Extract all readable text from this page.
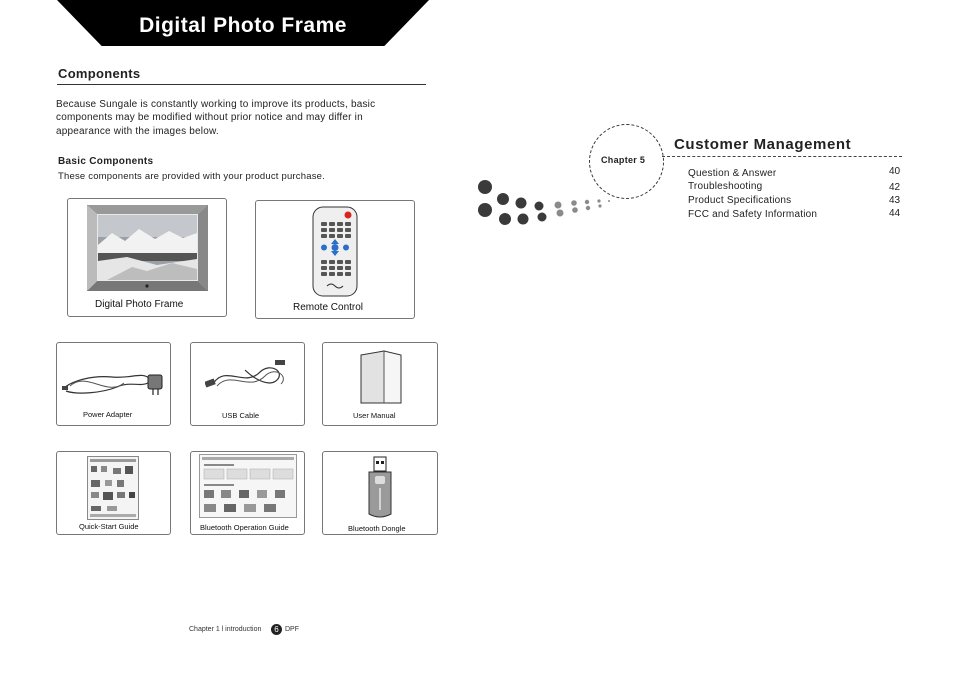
Digital Photo Frame
Components
Because Sungale is constantly working to improve its products, basic
components may be modified without prior notice and may differ in
appearance with the images below.
Basic Components
These components are provided with your product purchase.
Digital Photo Frame	Remote Control
Power Adapter	USB Cable	User Manual
Quick-Start Guide	Bluetooth Operation Guide	Bluetooth Dongle
Chapter 1 l introduction	6 DPF
Chapter 5
Customer Management
Question & Answer	40
Troubleshooting	42
Product Specifications	43
FCC and Safety Information	44
